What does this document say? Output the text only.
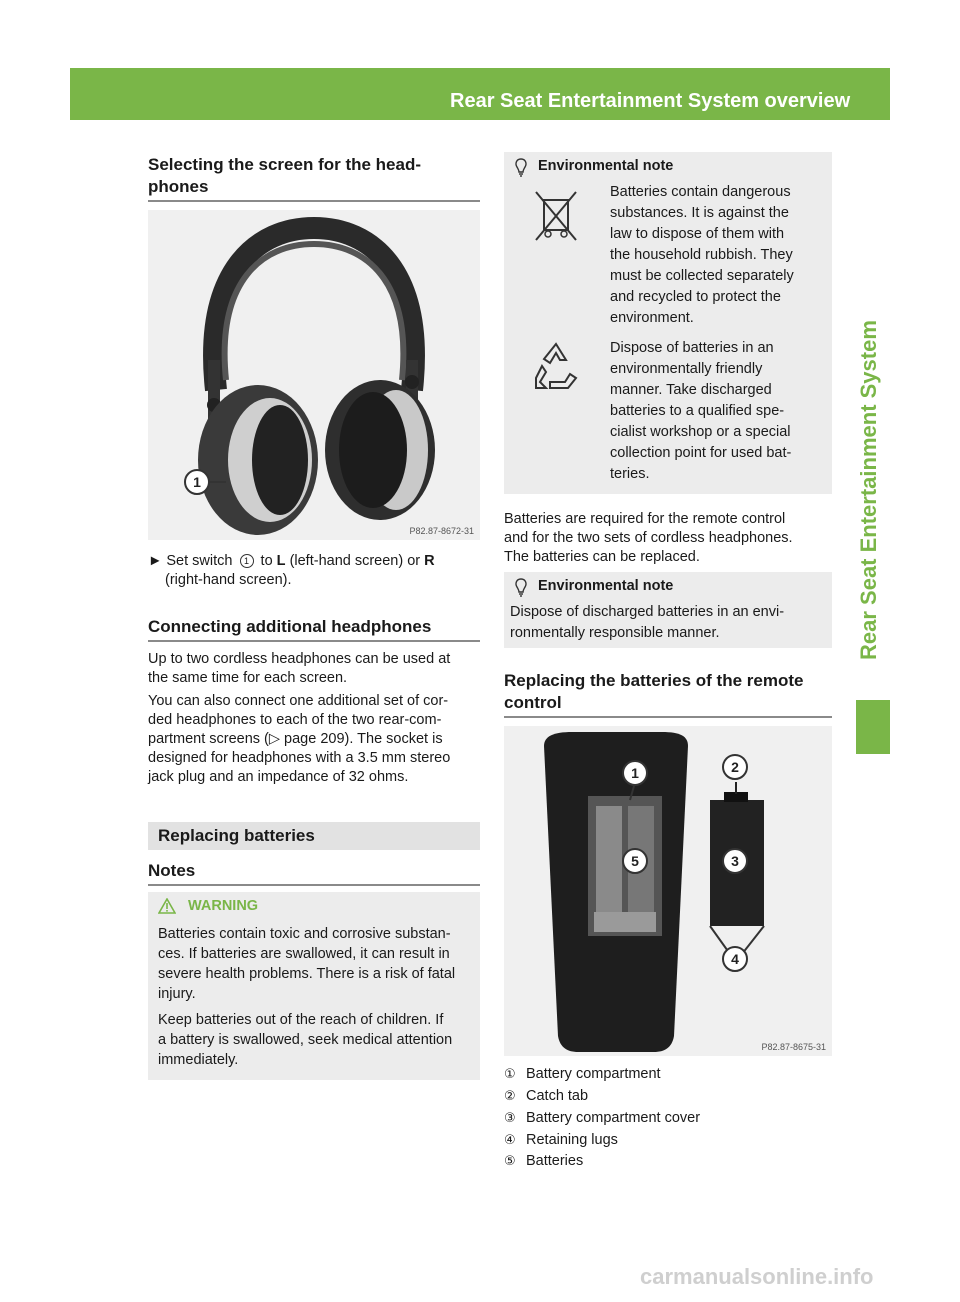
Rear Seat Entertainment System overview	215
Rear Seat Entertainment System
Selecting the screen for the head-
phones
1
P82.87-8672-31
► Set switch 1 to L (left-hand screen) or R
(right-hand screen).
Connecting additional headphones
Up to two cordless headphones can be used at
the same time for each screen.
You can also connect one additional set of cor-
ded headphones to each of the two rear-com-
partment screens (▷ page 209). The socket is
designed for headphones with a 3.5 mm stereo
jack plug and an impedance of 32 ohms.
Replacing batteries
Notes
WARNING
Batteries contain toxic and corrosive substan-
ces. If batteries are swallowed, it can result in
severe health problems. There is a risk of fatal
injury.
Keep batteries out of the reach of children. If
a battery is swallowed, seek medical attention
immediately.
Environmental note
Batteries contain dangerous
substances. It is against the
law to dispose of them with
the household rubbish. They
must be collected separately
and recycled to protect the
environment.
Dispose of batteries in an
environmentally friendly
manner. Take discharged
batteries to a qualified spe-
cialist workshop or a special
collection point for used bat-
teries.
Batteries are required for the remote control
and for the two sets of cordless headphones.
The batteries can be replaced.
Environmental note
Dispose of discharged batteries in an envi-
ronmentally responsible manner.
Replacing the batteries of the remote
control
1	2
3
4
5
P82.87-8675-31
① Battery compartment
② Catch tab
③ Battery compartment cover
④ Retaining lugs
⑤ Batteries
carmanualsonline.info
